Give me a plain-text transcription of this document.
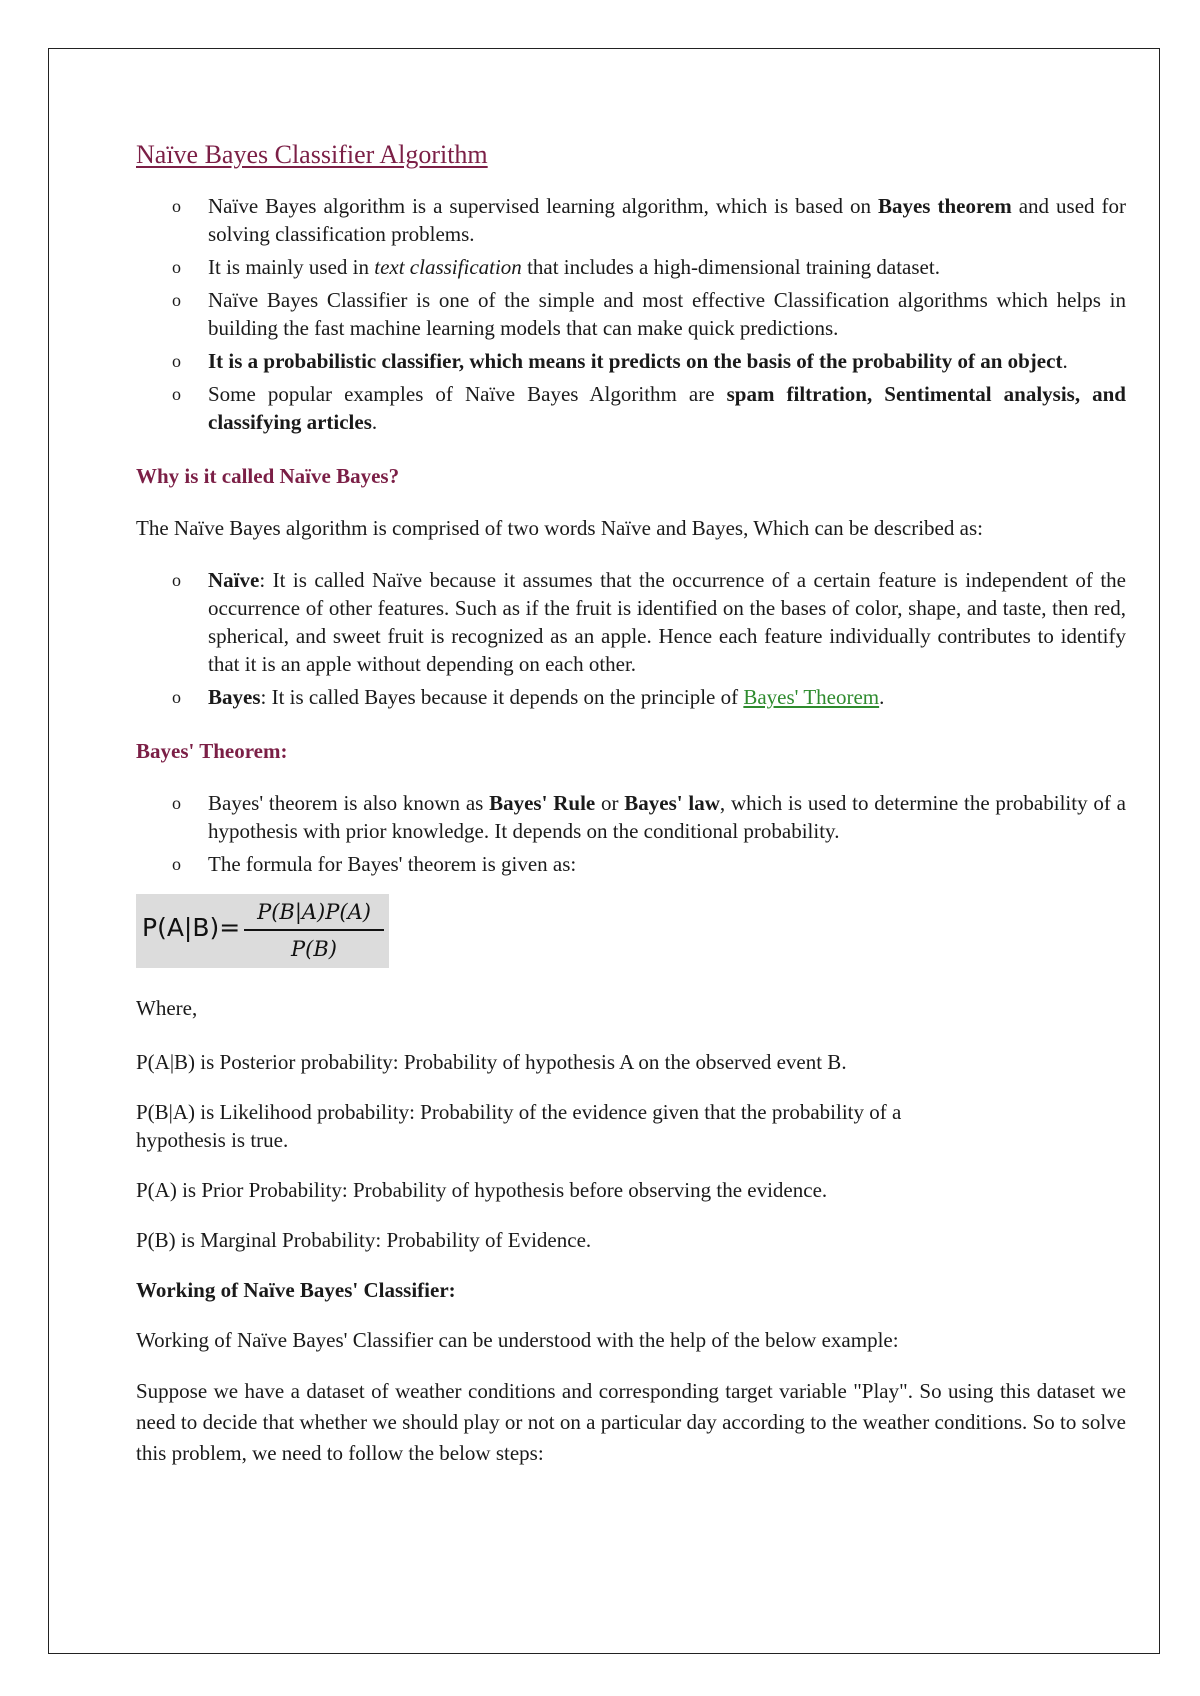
Naïve Bayes Classifier Algorithm
o Naïve Bayes algorithm is a supervised learning algorithm, which is based on Bayes theorem and used for solving classification problems.
o It is mainly used in text classification that includes a high-dimensional training dataset.
o Naïve Bayes Classifier is one of the simple and most effective Classification algorithms which helps in building the fast machine learning models that can make quick predictions.
o It is a probabilistic classifier, which means it predicts on the basis of the probability of an object.
o Some popular examples of Naïve Bayes Algorithm are spam filtration, Sentimental analysis, and classifying articles.

Why is it called Naïve Bayes?

The Naïve Bayes algorithm is comprised of two words Naïve and Bayes, Which can be described as:

o Naïve: It is called Naïve because it assumes that the occurrence of a certain feature is independent of the occurrence of other features. Such as if the fruit is identified on the bases of color, shape, and taste, then red, spherical, and sweet fruit is recognized as an apple. Hence each feature individually contributes to identify that it is an apple without depending on each other.
o Bayes: It is called Bayes because it depends on the principle of Bayes' Theorem.

Bayes' Theorem:

o Bayes' theorem is also known as Bayes' Rule or Bayes' law, which is used to determine the probability of a hypothesis with prior knowledge. It depends on the conditional probability.
o The formula for Bayes' theorem is given as:
$P(A|B)= \frac{P(B|A)P(A)}{P(B)}$

Where,

P(A|B) is Posterior probability: Probability of hypothesis A on the observed event B.

P(B|A) is Likelihood probability: Probability of the evidence given that the probability of a hypothesis is true.

P(A) is Prior Probability: Probability of hypothesis before observing the evidence.

P(B) is Marginal Probability: Probability of Evidence.

Working of Naïve Bayes' Classifier:

Working of Naïve Bayes' Classifier can be understood with the help of the below example:

Suppose we have a dataset of weather conditions and corresponding target variable "Play". So using this dataset we need to decide that whether we should play or not on a particular day according to the weather conditions. So to solve this problem, we need to follow the below steps:
